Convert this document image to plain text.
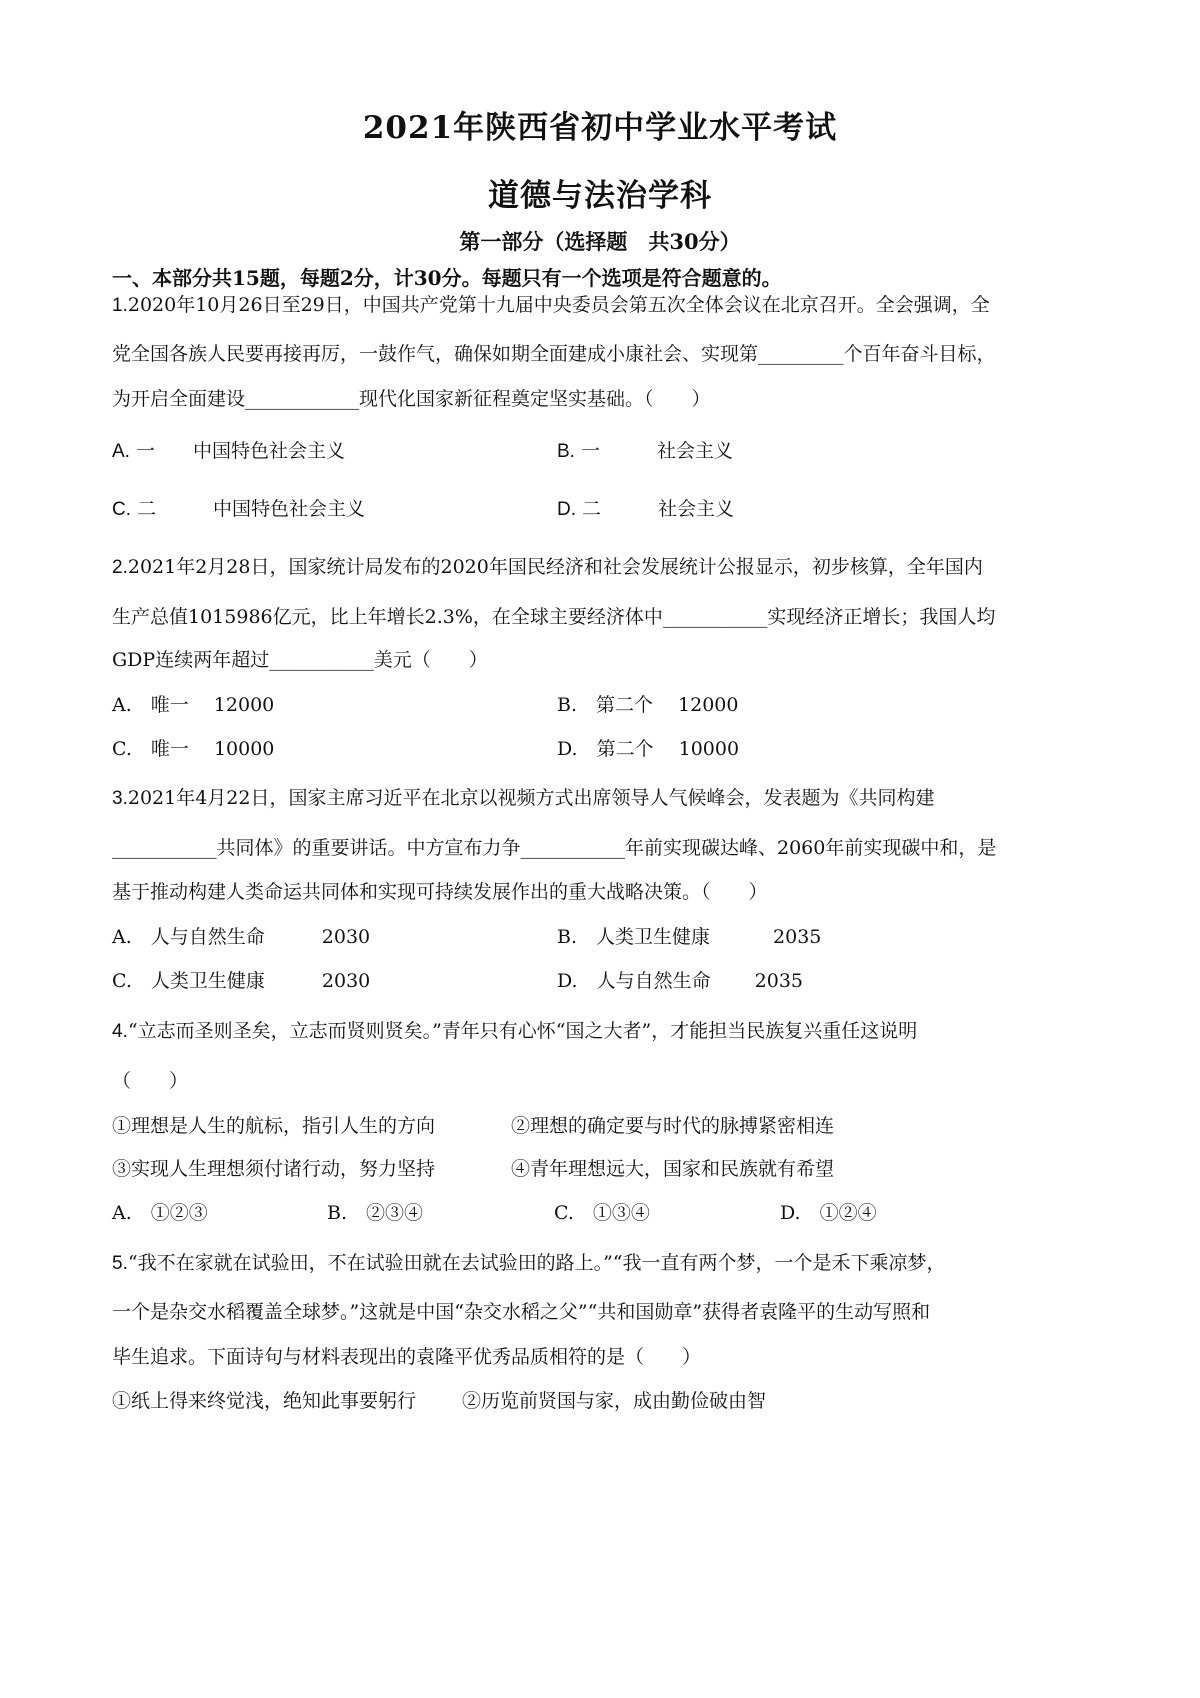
2021年陕西省初中学业水平考试
道德与法治学科
第一部分（选择题　共30分）
一、本部分共15题，每题2分，计30分。每题只有一个选项是符合题意的。
1.2020年10月26日至29日，中国共产党第十九届中央委员会第五次全体会议在北京召开。全会强调，全
党全国各族人民要再接再厉，一鼓作气，确保如期全面建成小康社会、实现第_________个百年奋斗目标，
为开启全面建设____________现代化国家新征程奠定坚实基础。（　　）
A. 一　　中国特色社会主义	B. 一　　　社会主义
C. 二　　　中国特色社会主义	D. 二　　　社会主义
2.2021年2月28日，国家统计局发布的2020年国民经济和社会发展统计公报显示，初步核算，全年国内
生产总值1015986亿元，比上年增长2.3%，在全球主要经济体中___________实现经济正增长；我国人均
GDP连续两年超过___________美元（　　）
A.　唯一　 12000	B.　第二个　 12000
C.　唯一　 10000	D.　第二个　 10000
3.2021年4月22日，国家主席习近平在北京以视频方式出席领导人气候峰会，发表题为《共同构建
___________共同体》的重要讲话。中方宣布力争___________年前实现碳达峰、2060年前实现碳中和，是
基于推动构建人类命运共同体和实现可持续发展作出的重大战略决策。（　　）
A.　人与自然生命　　　2030	B.　人类卫生健康　　　 2035
C.　人类卫生健康　　　2030	D.　人与自然生命　　 2035
4.“立志而圣则圣矣，立志而贤则贤矣。”青年只有心怀“国之大者”，才能担当民族复兴重任这说明
（　　）
①理想是人生的航标，指引人生的方向	②理想的确定要与时代的脉搏紧密相连
③实现人生理想须付诸行动，努力坚持	④青年理想远大，国家和民族就有希望
A.　①②③	B.　②③④	C.　①③④	D.　①②④
5.“我不在家就在试验田，不在试验田就在去试验田的路上。”“我一直有两个梦，一个是禾下乘凉梦，
一个是杂交水稻覆盖全球梦。”这就是中国“杂交水稻之父”“共和国勋章”获得者袁隆平的生动写照和
毕生追求。下面诗句与材料表现出的袁隆平优秀品质相符的是（　　）
①纸上得来终觉浅，绝知此事要躬行 ②历览前贤国与家，成由勤俭破由智
